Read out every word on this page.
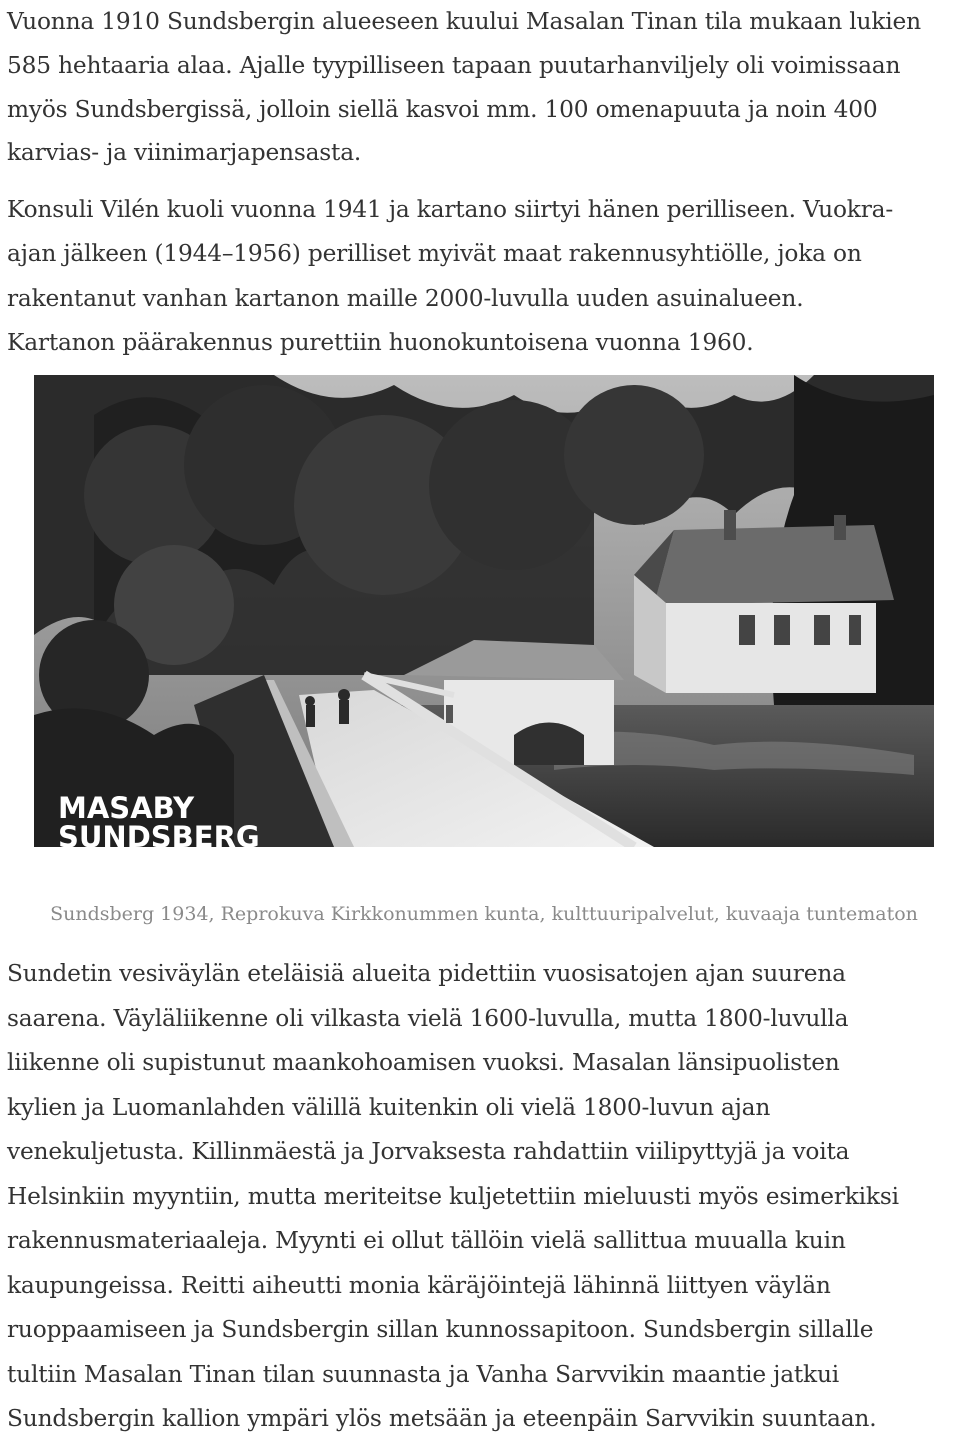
Vuonna 1910 Sundsbergin alueeseen kuului Masalan Tinan tila mukaan lukien
585 hehtaaria alaa. Ajalle tyypilliseen tapaan puutarhanviljely oli voimissaan
myös Sundsbergissä, jolloin siellä kasvoi mm. 100 omenapuuta ja noin 400
karvias- ja viinimarjapensasta.

Konsuli Vilén kuoli vuonna 1941 ja kartano siirtyi hänen perilliseen. Vuokra-
ajan jälkeen (1944–1956) perilliset myivät maat rakennusyhtiölle, joka on
rakentanut vanhan kartanon maille 2000-luvulla uuden asuinalueen.
Kartanon päärakennus purettiin huonokuntoisena vuonna 1960.

MASABY
SUNDSBERG
Sundsberg 1934, Reprokuva Kirkkonummen kunta, kulttuuripalvelut, kuvaaja tuntematon

Sundetin vesiväylän eteläisiä alueita pidettiin vuosisatojen ajan suurena
saarena. Väyläliikenne oli vilkasta vielä 1600-luvulla, mutta 1800-luvulla
liikenne oli supistunut maankohoamisen vuoksi. Masalan länsipuolisten
kylien ja Luomanlahden välillä kuitenkin oli vielä 1800-luvun ajan
venekuljetusta. Killinmäestä ja Jorvaksesta rahdattiin viilipyttyjä ja voita
Helsinkiin myyntiin, mutta meriteitse kuljetettiin mieluusti myös esimerkiksi
rakennusmateriaaleja. Myynti ei ollut tällöin vielä sallittua muualla kuin
kaupungeissa. Reitti aiheutti monia käräjöintejä lähinnä liittyen väylän
ruoppaamiseen ja Sundsbergin sillan kunnossapitoon. Sundsbergin sillalle
tultiin Masalan Tinan tilan suunnasta ja Vanha Sarvvikin maantie jatkui
Sundsbergin kallion ympäri ylös metsään ja eteenpäin Sarvvikin suuntaan.
